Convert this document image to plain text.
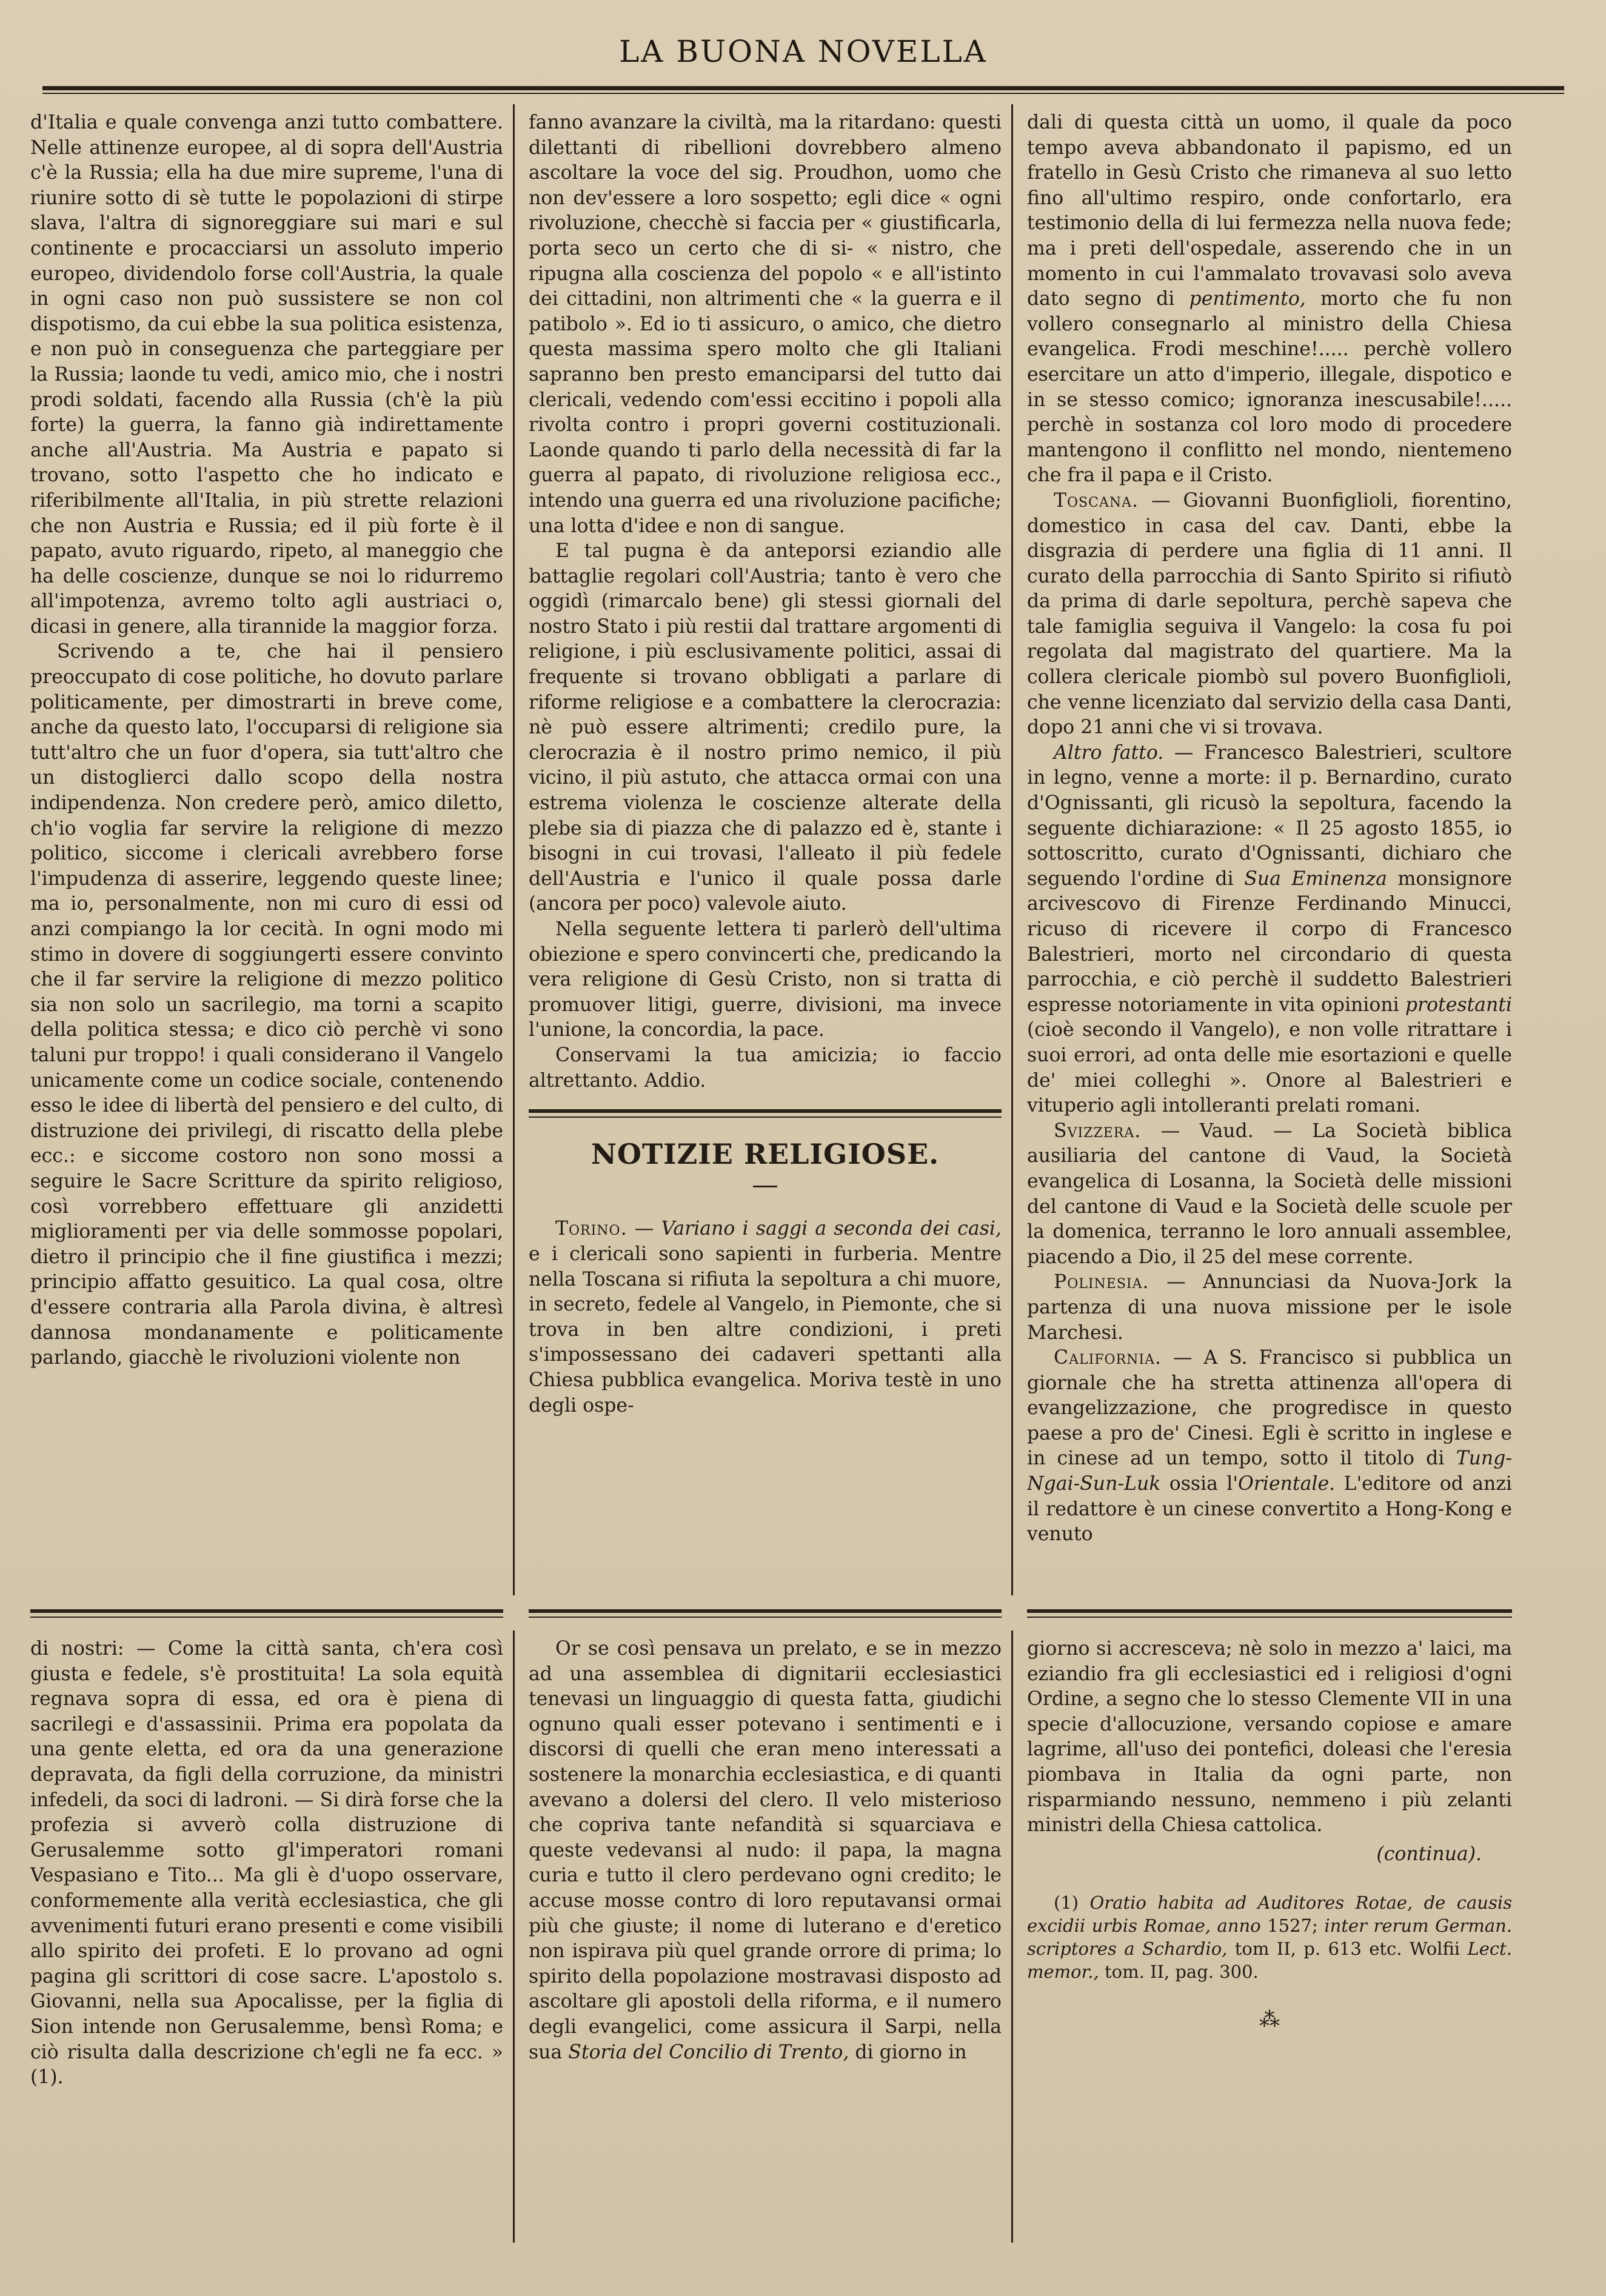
LA BUONA NOVELLA

d'Italia e quale convenga anzi tutto combattere. Nelle attinenze europee, al di sopra dell'Austria c'è la Russia; ella ha due mire supreme, l'una di riunire sotto di sè tutte le popolazioni di stirpe slava, l'altra di signoreggiare sui mari e sul continente e procacciarsi un assoluto imperio europeo, dividendolo forse coll'Austria, la quale in ogni caso non può sussistere se non col dispotismo, da cui ebbe la sua politica esistenza, e non può in conseguenza che parteggiare per la Russia; laonde tu vedi, amico mio, che i nostri prodi soldati, facendo alla Russia (ch'è la più forte) la guerra, la fanno già indirettamente anche all'Austria. Ma Austria e papato si trovano, sotto l'aspetto che ho indicato e riferibilmente all'Italia, in più strette relazioni che non Austria e Russia; ed il più forte è il papato, avuto riguardo, ripeto, al maneggio che ha delle coscienze, dunque se noi lo ridurremo all'impotenza, avremo tolto agli austriaci o, dicasi in genere, alla tirannide la maggior forza.

Scrivendo a te, che hai il pensiero preoccupato di cose politiche, ho dovuto parlare politicamente, per dimostrarti in breve come, anche da questo lato, l'occuparsi di religione sia tutt'altro che un fuor d'opera, sia tutt'altro che un distoglierci dallo scopo della nostra indipendenza. Non credere però, amico diletto, ch'io voglia far servire la religione di mezzo politico, siccome i clericali avrebbero forse l'impudenza di asserire, leggendo queste linee; ma io, personalmente, non mi curo di essi od anzi compiango la lor cecità. In ogni modo mi stimo in dovere di soggiungerti essere convinto che il far servire la religione di mezzo politico sia non solo un sacrilegio, ma torni a scapito della politica stessa; e dico ciò perchè vi sono taluni pur troppo! i quali considerano il Vangelo unicamente come un codice sociale, contenendo esso le idee di libertà del pensiero e del culto, di distruzione dei privilegi, di riscatto della plebe ecc.: e siccome costoro non sono mossi a seguire le Sacre Scritture da spirito religioso, così vorrebbero effettuare gli anzidetti miglioramenti per via delle sommosse popolari, dietro il principio che il fine giustifica i mezzi; principio affatto gesuitico. La qual cosa, oltre d'essere contraria alla Parola divina, è altresì dannosa mondanamente e politicamente parlando, giacchè le rivoluzioni violente non

fanno avanzare la civiltà, ma la ritardano: questi dilettanti di ribellioni dovrebbero almeno ascoltare la voce del sig. Proudhon, uomo che non dev'essere a loro sospetto; egli dice « ogni rivoluzione, checchè si faccia per « giustificarla, porta seco un certo che di si- « nistro, che ripugna alla coscienza del popolo « e all'istinto dei cittadini, non altrimenti che « la guerra e il patibolo ». Ed io ti assicuro, o amico, che dietro questa massima spero molto che gli Italiani sapranno ben presto emanciparsi del tutto dai clericali, vedendo com'essi eccitino i popoli alla rivolta contro i propri governi costituzionali. Laonde quando ti parlo della necessità di far la guerra al papato, di rivoluzione religiosa ecc., intendo una guerra ed una rivoluzione pacifiche; una lotta d'idee e non di sangue.

E tal pugna è da anteporsi eziandio alle battaglie regolari coll'Austria; tanto è vero che oggidì (rimarcalo bene) gli stessi giornali del nostro Stato i più restii dal trattare argomenti di religione, i più esclusivamente politici, assai di frequente si trovano obbligati a parlare di riforme religiose e a combattere la clerocrazia: nè può essere altrimenti; credilo pure, la clerocrazia è il nostro primo nemico, il più vicino, il più astuto, che attacca ormai con una estrema violenza le coscienze alterate della plebe sia di piazza che di palazzo ed è, stante i bisogni in cui trovasi, l'alleato il più fedele dell'Austria e l'unico il quale possa darle (ancora per poco) valevole aiuto.

Nella seguente lettera ti parlerò dell'ultima obiezione e spero convincerti che, predicando la vera religione di Gesù Cristo, non si tratta di promuover litigi, guerre, divisioni, ma invece l'unione, la concordia, la pace.

Conservami la tua amicizia; io faccio altrettanto. Addio.

NOTIZIE RELIGIOSE.

Torino. — Variano i saggi a seconda dei casi, e i clericali sono sapienti in furberia. Mentre nella Toscana si rifiuta la sepoltura a chi muore, in secreto, fedele al Vangelo, in Piemonte, che si trova in ben altre condizioni, i preti s'impossessano dei cadaveri spettanti alla Chiesa pubblica evangelica. Moriva testè in uno degli ospe-

dali di questa città un uomo, il quale da poco tempo aveva abbandonato il papismo, ed un fratello in Gesù Cristo che rimaneva al suo letto fino all'ultimo respiro, onde confortarlo, era testimonio della di lui fermezza nella nuova fede; ma i preti dell'ospedale, asserendo che in un momento in cui l'ammalato trovavasi solo aveva dato segno di pentimento, morto che fu non vollero consegnarlo al ministro della Chiesa evangelica. Frodi meschine!..... perchè vollero esercitare un atto d'imperio, illegale, dispotico e in se stesso comico; ignoranza inescusabile!..... perchè in sostanza col loro modo di procedere mantengono il conflitto nel mondo, nientemeno che fra il papa e il Cristo.

Toscana. — Giovanni Buonfiglioli, fiorentino, domestico in casa del cav. Danti, ebbe la disgrazia di perdere una figlia di 11 anni. Il curato della parrocchia di Santo Spirito si rifiutò da prima di darle sepoltura, perchè sapeva che tale famiglia seguiva il Vangelo: la cosa fu poi regolata dal magistrato del quartiere. Ma la collera clericale piombò sul povero Buonfiglioli, che venne licenziato dal servizio della casa Danti, dopo 21 anni che vi si trovava.

Altro fatto. — Francesco Balestrieri, scultore in legno, venne a morte: il p. Bernardino, curato d'Ognissanti, gli ricusò la sepoltura, facendo la seguente dichiarazione: « Il 25 agosto 1855, io sottoscritto, curato d'Ognissanti, dichiaro che seguendo l'ordine di Sua Eminenza monsignore arcivescovo di Firenze Ferdinando Minucci, ricuso di ricevere il corpo di Francesco Balestrieri, morto nel circondario di questa parrocchia, e ciò perchè il suddetto Balestrieri espresse notoriamente in vita opinioni protestanti (cioè secondo il Vangelo), e non volle ritrattare i suoi errori, ad onta delle mie esortazioni e quelle de' miei colleghi ». Onore al Balestrieri e vituperio agli intolleranti prelati romani.

Svizzera. — Vaud. — La Società biblica ausiliaria del cantone di Vaud, la Società evangelica di Losanna, la Società delle missioni del cantone di Vaud e la Società delle scuole per la domenica, terranno le loro annuali assemblee, piacendo a Dio, il 25 del mese corrente.

Polinesia. — Annunciasi da Nuova-Jork la partenza di una nuova missione per le isole Marchesi.

California. — A S. Francisco si pubblica un giornale che ha stretta attinenza all'opera di evangelizzazione, che progredisce in questo paese a pro de' Cinesi. Egli è scritto in inglese e in cinese ad un tempo, sotto il titolo di Tung-Ngai-Sun-Luk ossia l'Orientale. L'editore od anzi il redattore è un cinese convertito a Hong-Kong e venuto

di nostri: — Come la città santa, ch'era così giusta e fedele, s'è prostituita! La sola equità regnava sopra di essa, ed ora è piena di sacrilegi e d'assassinii. Prima era popolata da una gente eletta, ed ora da una generazione depravata, da figli della corruzione, da ministri infedeli, da soci di ladroni. — Si dirà forse che la profezia si avverò colla distruzione di Gerusalemme sotto gl'imperatori romani Vespasiano e Tito... Ma gli è d'uopo osservare, conformemente alla verità ecclesiastica, che gli avvenimenti futuri erano presenti e come visibili allo spirito dei profeti. E lo provano ad ogni pagina gli scrittori di cose sacre. L'apostolo s. Giovanni, nella sua Apocalisse, per la figlia di Sion intende non Gerusalemme, bensì Roma; e ciò risulta dalla descrizione ch'egli ne fa ecc. » (1).

Or se così pensava un prelato, e se in mezzo ad una assemblea di dignitarii ecclesiastici tenevasi un linguaggio di questa fatta, giudichi ognuno quali esser potevano i sentimenti e i discorsi di quelli che eran meno interessati a sostenere la monarchia ecclesiastica, e di quanti avevano a dolersi del clero. Il velo misterioso che copriva tante nefandità si squarciava e queste vedevansi al nudo: il papa, la magna curia e tutto il clero perdevano ogni credito; le accuse mosse contro di loro reputavansi ormai più che giuste; il nome di luterano e d'eretico non ispirava più quel grande orrore di prima; lo spirito della popolazione mostravasi disposto ad ascoltare gli apostoli della riforma, e il numero degli evangelici, come assicura il Sarpi, nella sua Storia del Concilio di Trento, di giorno in

giorno si accresceva; nè solo in mezzo a' laici, ma eziandio fra gli ecclesiastici ed i religiosi d'ogni Ordine, a segno che lo stesso Clemente VII in una specie d'allocuzione, versando copiose e amare lagrime, all'uso dei pontefici, doleasi che l'eresia piombava in Italia da ogni parte, non risparmiando nessuno, nemmeno i più zelanti ministri della Chiesa cattolica.

(continua).

(1) Oratio habita ad Auditores Rotae, de causis excidii urbis Romae, anno 1527; inter rerum German. scriptores a Schardio, tom II, p. 613 etc. Wolfii Lect. memor., tom. II, pag. 300.

⁂
